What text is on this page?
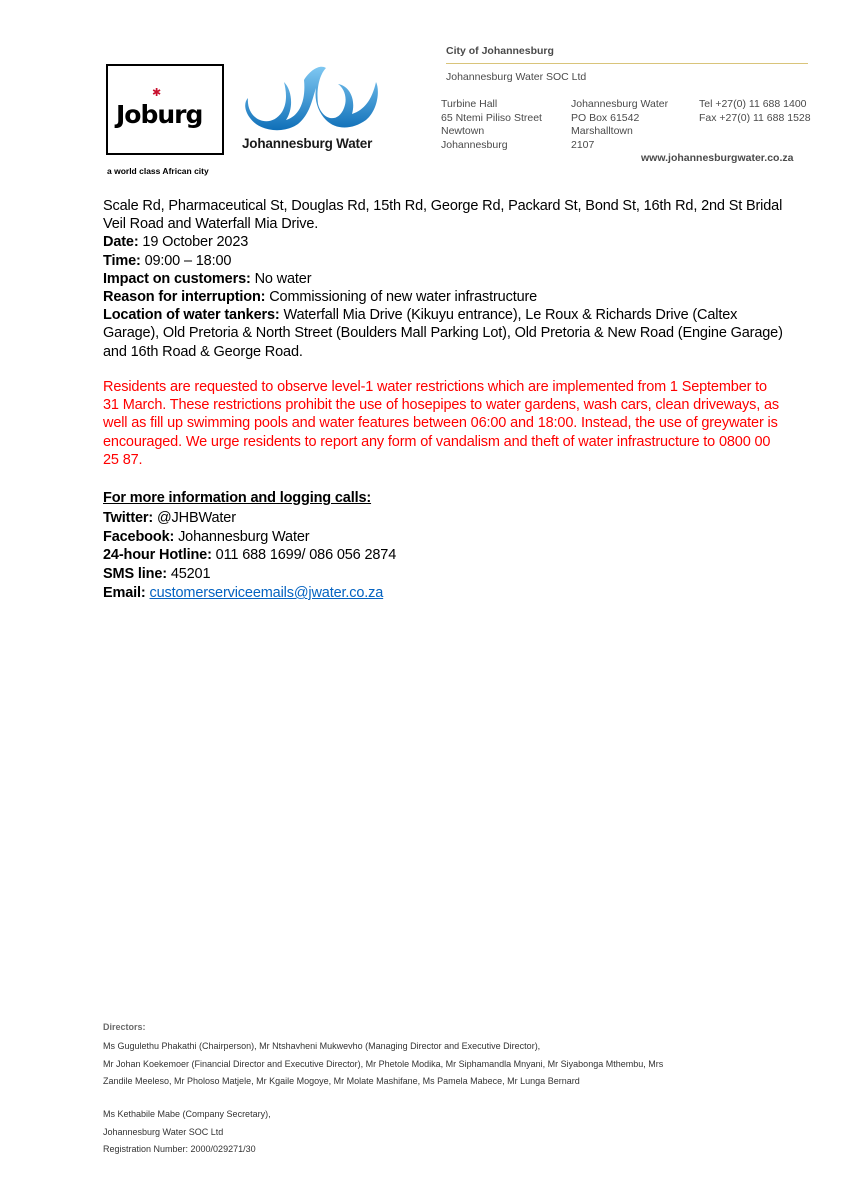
✱
Joburg
a world class African city
Johannesburg Water
City of Johannesburg
Johannesburg Water SOC Ltd
Turbine Hall
65 Ntemi Piliso Street
Newtown
Johannesburg
Johannesburg Water
PO Box 61542
Marshalltown
2107
Tel +27(0) 11 688 1400
Fax +27(0) 11 688 1528
www.johannesburgwater.co.za

Scale Rd, Pharmaceutical St, Douglas Rd, 15th Rd, George Rd, Packard St, Bond St, 16th Rd, 2nd St Bridal Veil Road and Waterfall Mia Drive.

Date: 19 October 2023

Time: 09:00 – 18:00

Impact on customers: No water

Reason for interruption: Commissioning of new water infrastructure

Location of water tankers: Waterfall Mia Drive (Kikuyu entrance), Le Roux & Richards Drive (Caltex Garage), Old Pretoria & North Street (Boulders Mall Parking Lot), Old Pretoria & New Road (Engine Garage) and 16th Road & George Road.

Residents are requested to observe level-1 water restrictions which are implemented from 1 September to 31 March. These restrictions prohibit the use of hosepipes to water gardens, wash cars, clean driveways, as well as fill up swimming pools and water features between 06:00 and 18:00. Instead, the use of greywater is encouraged. We urge residents to report any form of vandalism and theft of water infrastructure to 0800 00 25 87.

For more information and logging calls:

Twitter: @JHBWater

Facebook: Johannesburg Water

24-hour Hotline: 011 688 1699/ 086 056 2874

SMS line: 45201

Email: customerserviceemails@jwater.co.za

Directors:

Ms Gugulethu Phakathi (Chairperson), Mr Ntshavheni Mukwevho (Managing Director and Executive Director),

Mr Johan Koekemoer (Financial Director and Executive Director), Mr Phetole Modika, Mr Siphamandla Mnyani, Mr Siyabonga Mthembu, Mrs

Zandile Meeleso, Mr Pholoso Matjele, Mr Kgaile Mogoye, Mr Molate Mashifane, Ms Pamela Mabece, Mr Lunga Bernard

Ms Kethabile Mabe (Company Secretary),

Johannesburg Water SOC Ltd

Registration Number: 2000/029271/30
